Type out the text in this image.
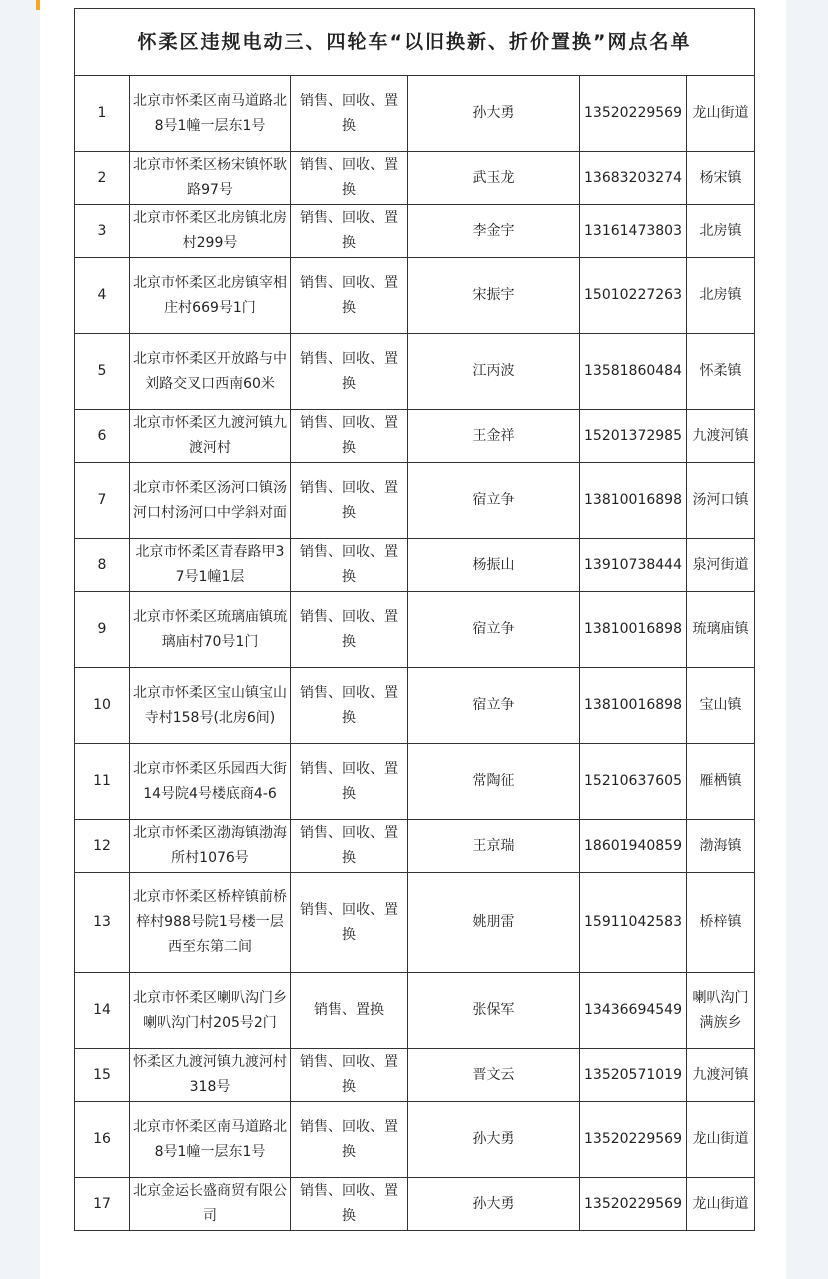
怀柔区违规电动三、四轮车“以旧换新、折价置换”网点名单					
1	北京市怀柔区南马道路北8号1幢一层东1号	销售、回收、置换	孙大勇	13520229569	龙山街道
2	北京市怀柔区杨宋镇怀耿路97号	销售、回收、置换	武玉龙	13683203274	杨宋镇
3	北京市怀柔区北房镇北房村299号	销售、回收、置换	李金宇	13161473803	北房镇
4	北京市怀柔区北房镇宰相庄村669号1门	销售、回收、置换	宋振宇	15010227263	北房镇
5	北京市怀柔区开放路与中刘路交叉口西南60米	销售、回收、置换	江丙波	13581860484	怀柔镇
6	北京市怀柔区九渡河镇九渡河村	销售、回收、置换	王金祥	15201372985	九渡河镇
7	北京市怀柔区汤河口镇汤河口村汤河口中学斜对面	销售、回收、置换	宿立争	13810016898	汤河口镇
8	北京市怀柔区青春路甲37号1幢1层	销售、回收、置换	杨振山	13910738444	泉河街道
9	北京市怀柔区琉璃庙镇琉璃庙村70号1门	销售、回收、置换	宿立争	13810016898	琉璃庙镇
10	北京市怀柔区宝山镇宝山寺村158号(北房6间)	销售、回收、置换	宿立争	13810016898	宝山镇
11	北京市怀柔区乐园西大街14号院4号楼底商4-6	销售、回收、置换	常陶征	15210637605	雁栖镇
12	北京市怀柔区渤海镇渤海所村1076号	销售、回收、置换	王京瑞	18601940859	渤海镇
13	北京市怀柔区桥梓镇前桥梓村988号院1号楼一层西至东第二间	销售、回收、置换	姚朋雷	15911042583	桥梓镇
14	北京市怀柔区喇叭沟门乡喇叭沟门村205号2门	销售、置换	张保军	13436694549	喇叭沟门满族乡
15	怀柔区九渡河镇九渡河村318号	销售、回收、置换	晋文云	13520571019	九渡河镇
16	北京市怀柔区南马道路北8号1幢一层东1号	销售、回收、置换	孙大勇	13520229569	龙山街道
17	北京金运长盛商贸有限公司	销售、回收、置换	孙大勇	13520229569	龙山街道
